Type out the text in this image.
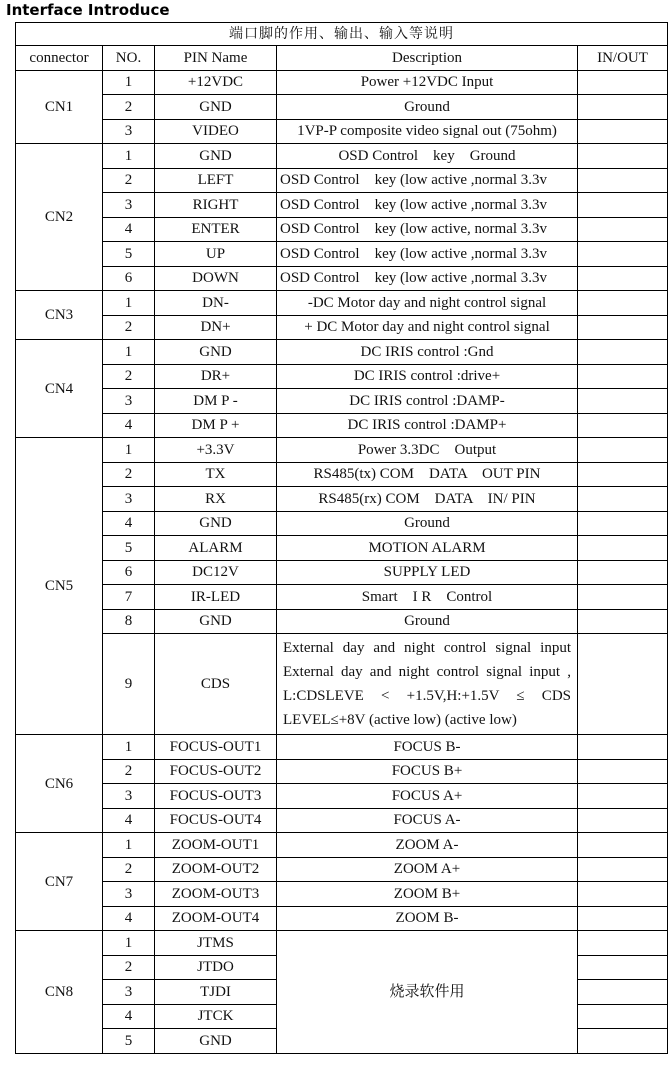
Interface Introduce
端口脚的作用、输出、输入等说明				
connector	NO.	PIN Name	Description	IN/OUT
CN1	1	+12VDC	Power +12VDC Input	
	2	GND	Ground	
	3	VIDEO	1VP-P composite video signal out (75ohm)	
CN2	1	GND	OSD Control　key　Ground	
	2	LEFT	OSD Control　key (low active ,normal 3.3v	
	3	RIGHT	OSD Control　key (low active ,normal 3.3v	
	4	ENTER	OSD Control　key (low active, normal 3.3v	
	5	UP	OSD Control　key (low active ,normal 3.3v	
	6	DOWN	OSD Control　key (low active ,normal 3.3v	
CN3	1	DN-	-DC Motor day and night control signal	
	2	DN+	+ DC Motor day and night control signal	
CN4	1	GND	DC IRIS control :Gnd	
	2	DR+	DC IRIS control :drive+	
	3	DM P -	DC IRIS control :DAMP-	
	4	DM P +	DC IRIS control :DAMP+	
CN5	1	+3.3V	Power 3.3DC　Output	
	2	TX	RS485(tx) COM　DATA　OUT PIN	
	3	RX	RS485(rx) COM　DATA　IN/ PIN	
	4	GND	Ground	
	5	ALARM	MOTION ALARM	
	6	DC12V	SUPPLY LED	
	7	IR-LED	Smart　I R　Control	
	8	GND	Ground	
	9	CDS	External day and night control signal input External day and night control signal input , L:CDSLEVE < +1.5V,H:+1.5V ≤ CDS LEVEL≤+8V (active low) (active low)	
CN6	1	FOCUS-OUT1	FOCUS B-	
	2	FOCUS-OUT2	FOCUS B+	
	3	FOCUS-OUT3	FOCUS A+	
	4	FOCUS-OUT4	FOCUS A-	
CN7	1	ZOOM-OUT1	ZOOM A-	
	2	ZOOM-OUT2	ZOOM A+	
	3	ZOOM-OUT3	ZOOM B+	
	4	ZOOM-OUT4	ZOOM B-	
CN8	1	JTMS	烧录软件用	
	2	JTDO		
	3	TJDI		
	4	JTCK		
	5	GND		
